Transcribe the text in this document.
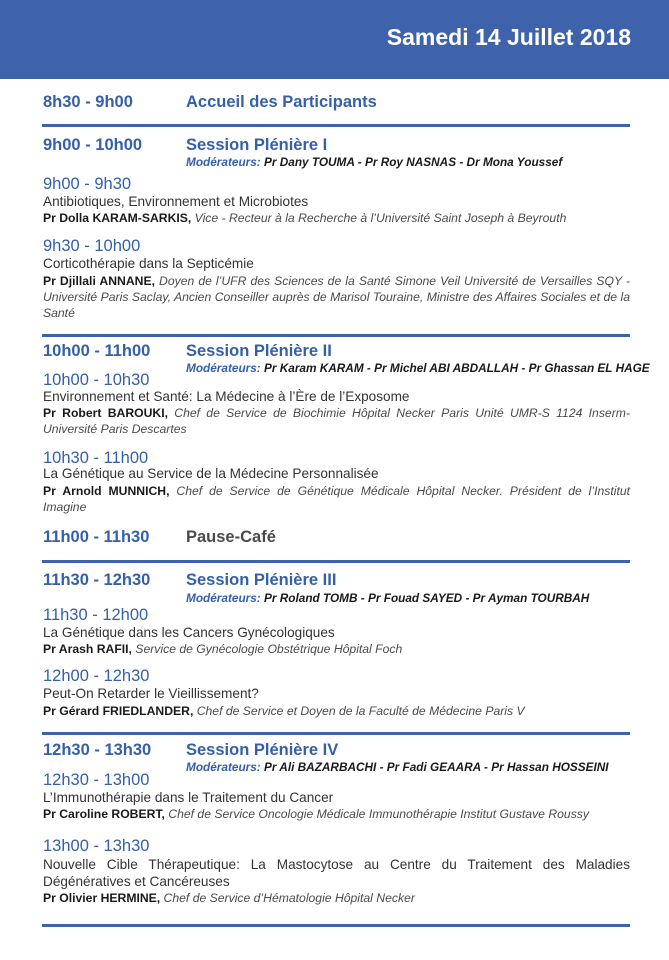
Samedi 14 Juillet 2018
8h30 - 9h00	Accueil des Participants
9h00 - 10h00	Session Plénière I
Modérateurs: Pr Dany TOUMA - Pr Roy NASNAS - Dr Mona Youssef
9h00 - 9h30
Antibiotiques, Environnement et Microbiotes
Pr Dolla KARAM-SARKIS, Vice - Recteur à la Recherche à l’Université Saint Joseph à Beyrouth
9h30 - 10h00
Corticothérapie dans la Septicémie
Pr Djillali ANNANE, Doyen de l’UFR des Sciences de la Santé Simone Veil Université de Versailles SQY - Université Paris Saclay, Ancien Conseiller auprès de Marisol Touraine, Ministre des Affaires Sociales et de la Santé
10h00 - 11h00 Session Plénière II
Modérateurs: Pr Karam KARAM - Pr Michel ABI ABDALLAH - Pr Ghassan EL HAGE
10h00 - 10h30
Environnement et Santé: La Médecine à l’Ère de l’Exposome
Pr Robert BAROUKI, Chef de Service de Biochimie Hôpital Necker Paris Unité UMR-S 1124 Inserm-Université Paris Descartes
10h30 - 11h00
La Génétique au Service de la Médecine Personnalisée
Pr Arnold MUNNICH, Chef de Service de Génétique Médicale Hôpital Necker. Président de l’Institut Imagine
11h00 - 11h30 Pause-Café
11h30 - 12h30 Session Plénière III
Modérateurs: Pr Roland TOMB - Pr Fouad SAYED - Pr Ayman TOURBAH
11h30 - 12h00
La Génétique dans les Cancers Gynécologiques
Pr Arash RAFII, Service de Gynécologie Obstétrique Hôpital Foch
12h00 - 12h30
Peut-On Retarder le Vieillissement?
Pr Gérard FRIEDLANDER, Chef de Service et Doyen de la Faculté de Médecine Paris V
12h30 - 13h30 Session Plénière IV
Modérateurs: Pr Ali BAZARBACHI - Pr Fadi GEAARA - Pr Hassan HOSSEINI
12h30 - 13h00
L’Immunothérapie dans le Traitement du Cancer
Pr Caroline ROBERT, Chef de Service Oncologie Médicale Immunothérapie Institut Gustave Roussy
13h00 - 13h30
Nouvelle Cible Thérapeutique: La Mastocytose au Centre du Traitement des Maladies Dégénératives et Cancéreuses
Pr Olivier HERMINE, Chef de Service d’Hématologie Hôpital Necker
